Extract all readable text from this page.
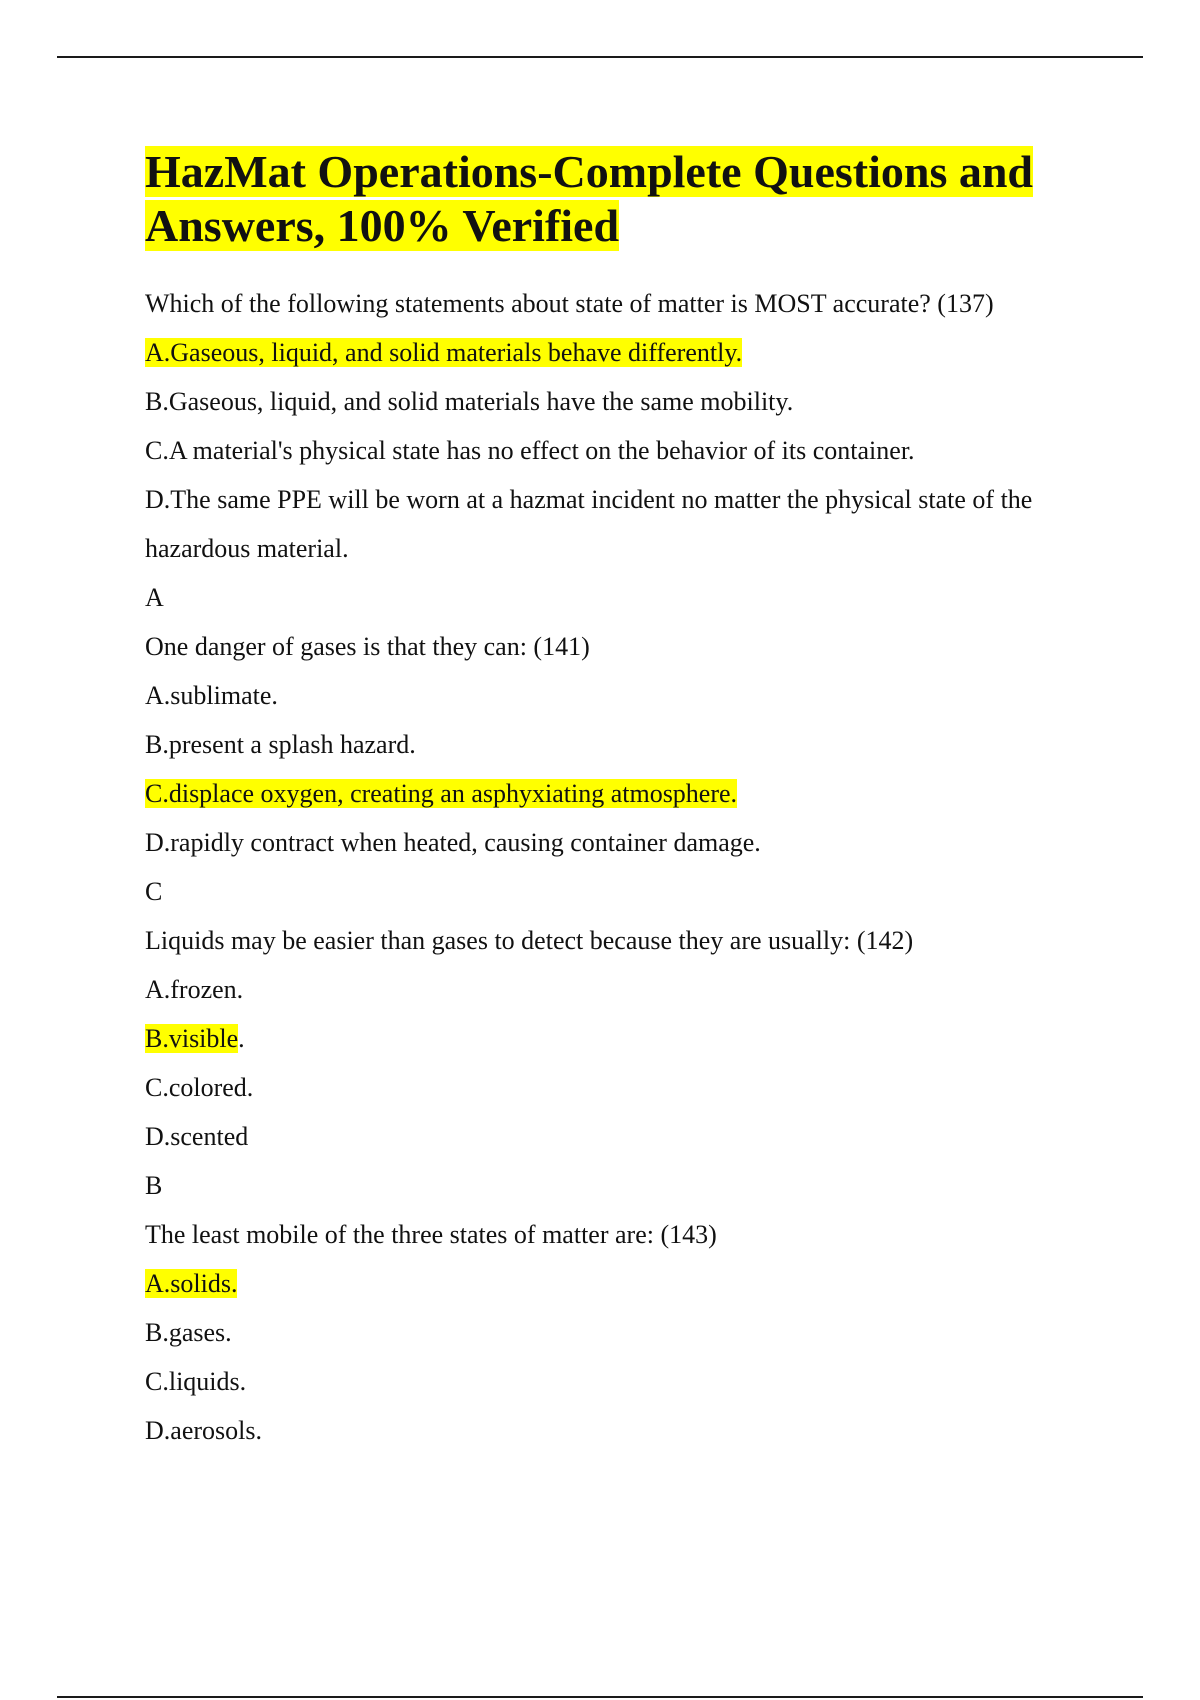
HazMat Operations-Complete Questions and Answers, 100% Verified

Which of the following statements about state of matter is MOST accurate? (137)

A.Gaseous, liquid, and solid materials behave differently.

B.Gaseous, liquid, and solid materials have the same mobility.

C.A material's physical state has no effect on the behavior of its container.

D.The same PPE will be worn at a hazmat incident no matter the physical state of the hazardous material.

A

One danger of gases is that they can: (141)

A.sublimate.

B.present a splash hazard.

C.displace oxygen, creating an asphyxiating atmosphere.

D.rapidly contract when heated, causing container damage.

C

Liquids may be easier than gases to detect because they are usually: (142)

A.frozen.

B.visible.

C.colored.

D.scented

B

The least mobile of the three states of matter are: (143)

A.solids.

B.gases.

C.liquids.

D.aerosols.
